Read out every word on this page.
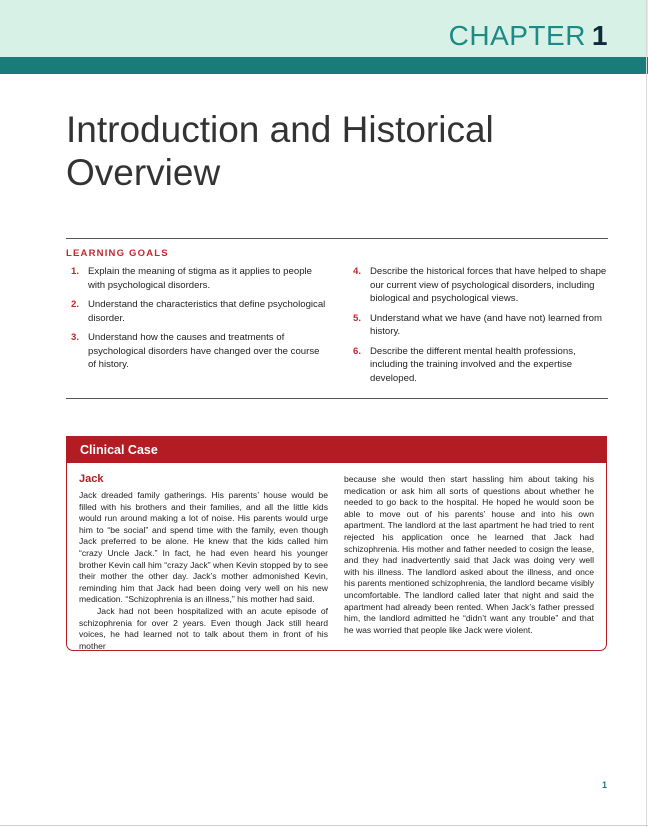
CHAPTER 1
Introduction and Historical
Overview
LEARNING GOALS
1. Explain the meaning of stigma as it applies to people with psychological disorders.
2. Understand the characteristics that define psychological disorder.
3. Understand how the causes and treatments of psychological disorders have changed over the course of history.
4. Describe the historical forces that have helped to shape our current view of psychological disorders, including biological and psychological views.
5. Understand what we have (and have not) learned from history.
6. Describe the different mental health professions, including the training involved and the expertise developed.
Clinical Case
Jack

Jack dreaded family gatherings. His parents’ house would be filled with his brothers and their families, and all the little kids would run around making a lot of noise. His parents would urge him to “be social” and spend time with the family, even though Jack preferred to be alone. He knew that the kids called him “crazy Uncle Jack.” In fact, he had even heard his younger brother Kevin call him “crazy Jack” when Kevin stopped by to see their mother the other day. Jack’s mother admonished Kevin, reminding him that Jack had been doing very well on his new medication. “Schizophrenia is an illness,” his mother had said.

Jack had not been hospitalized with an acute episode of schizophrenia for over 2 years. Even though Jack still heard voices, he had learned not to talk about them in front of his mother

because she would then start hassling him about taking his medication or ask him all sorts of questions about whether he needed to go back to the hospital. He hoped he would soon be able to move out of his parents’ house and into his own apartment. The landlord at the last apartment he had tried to rent rejected his application once he learned that Jack had schizophrenia. His mother and father needed to cosign the lease, and they had inadvertently said that Jack was doing very well with his illness. The landlord asked about the illness, and once his parents mentioned schizophrenia, the landlord became visibly uncomfortable. The landlord called later that night and said the apartment had already been rented. When Jack’s father pressed him, the landlord admitted he “didn’t want any trouble” and that he was worried that people like Jack were violent.

1
